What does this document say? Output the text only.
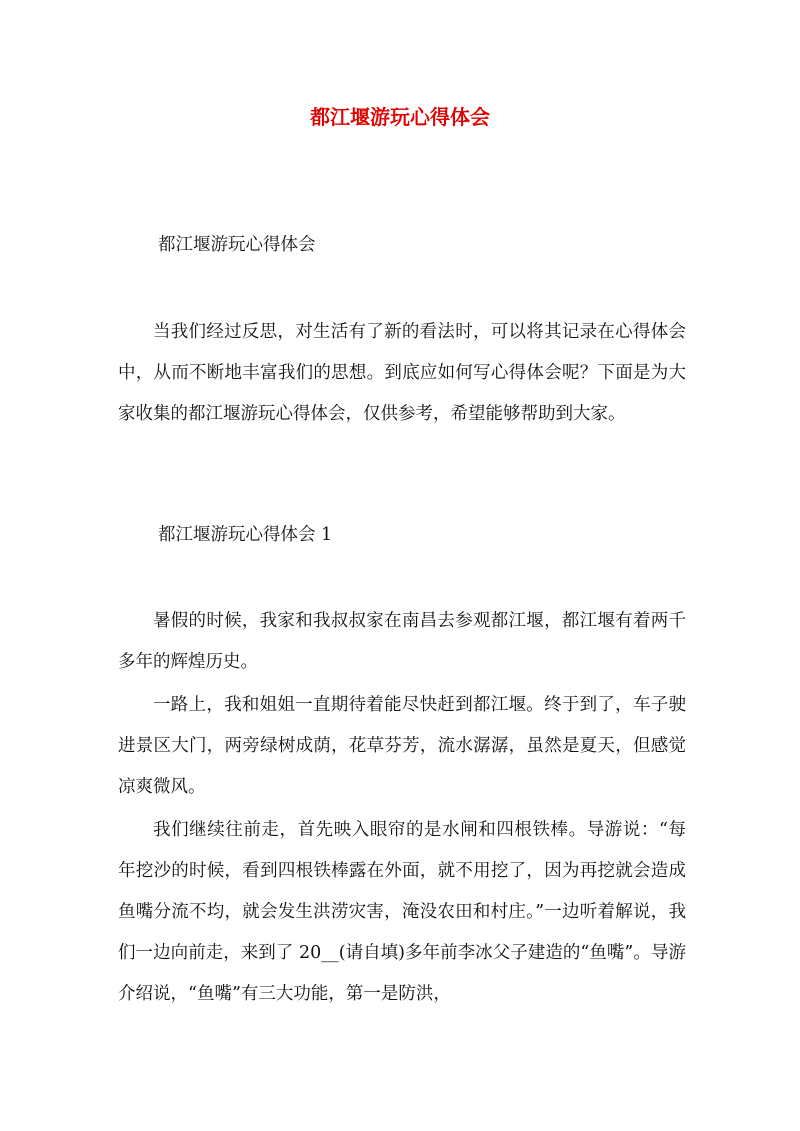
都江堰游玩心得体会

都江堰游玩心得体会

当我们经过反思，对生活有了新的看法时，可以将其记录在心得体会中，从而不断地丰富我们的思想。到底应如何写心得体会呢？下面是为大家收集的都江堰游玩心得体会，仅供参考，希望能够帮助到大家。

都江堰游玩心得体会 1

暑假的时候，我家和我叔叔家在南昌去参观都江堰，都江堰有着两千多年的辉煌历史。

一路上，我和姐姐一直期待着能尽快赶到都江堰。终于到了，车子驶进景区大门，两旁绿树成荫，花草芬芳，流水潺潺，虽然是夏天，但感觉凉爽微风。

我们继续往前走，首先映入眼帘的是水闸和四根铁棒。导游说：“每年挖沙的时候，看到四根铁棒露在外面，就不用挖了，因为再挖就会造成鱼嘴分流不均，就会发生洪涝灾害，淹没农田和村庄。”一边听着解说，我们一边向前走，来到了 20__(请自填)多年前李冰父子建造的“鱼嘴”。导游介绍说，“鱼嘴”有三大功能，第一是防洪，
